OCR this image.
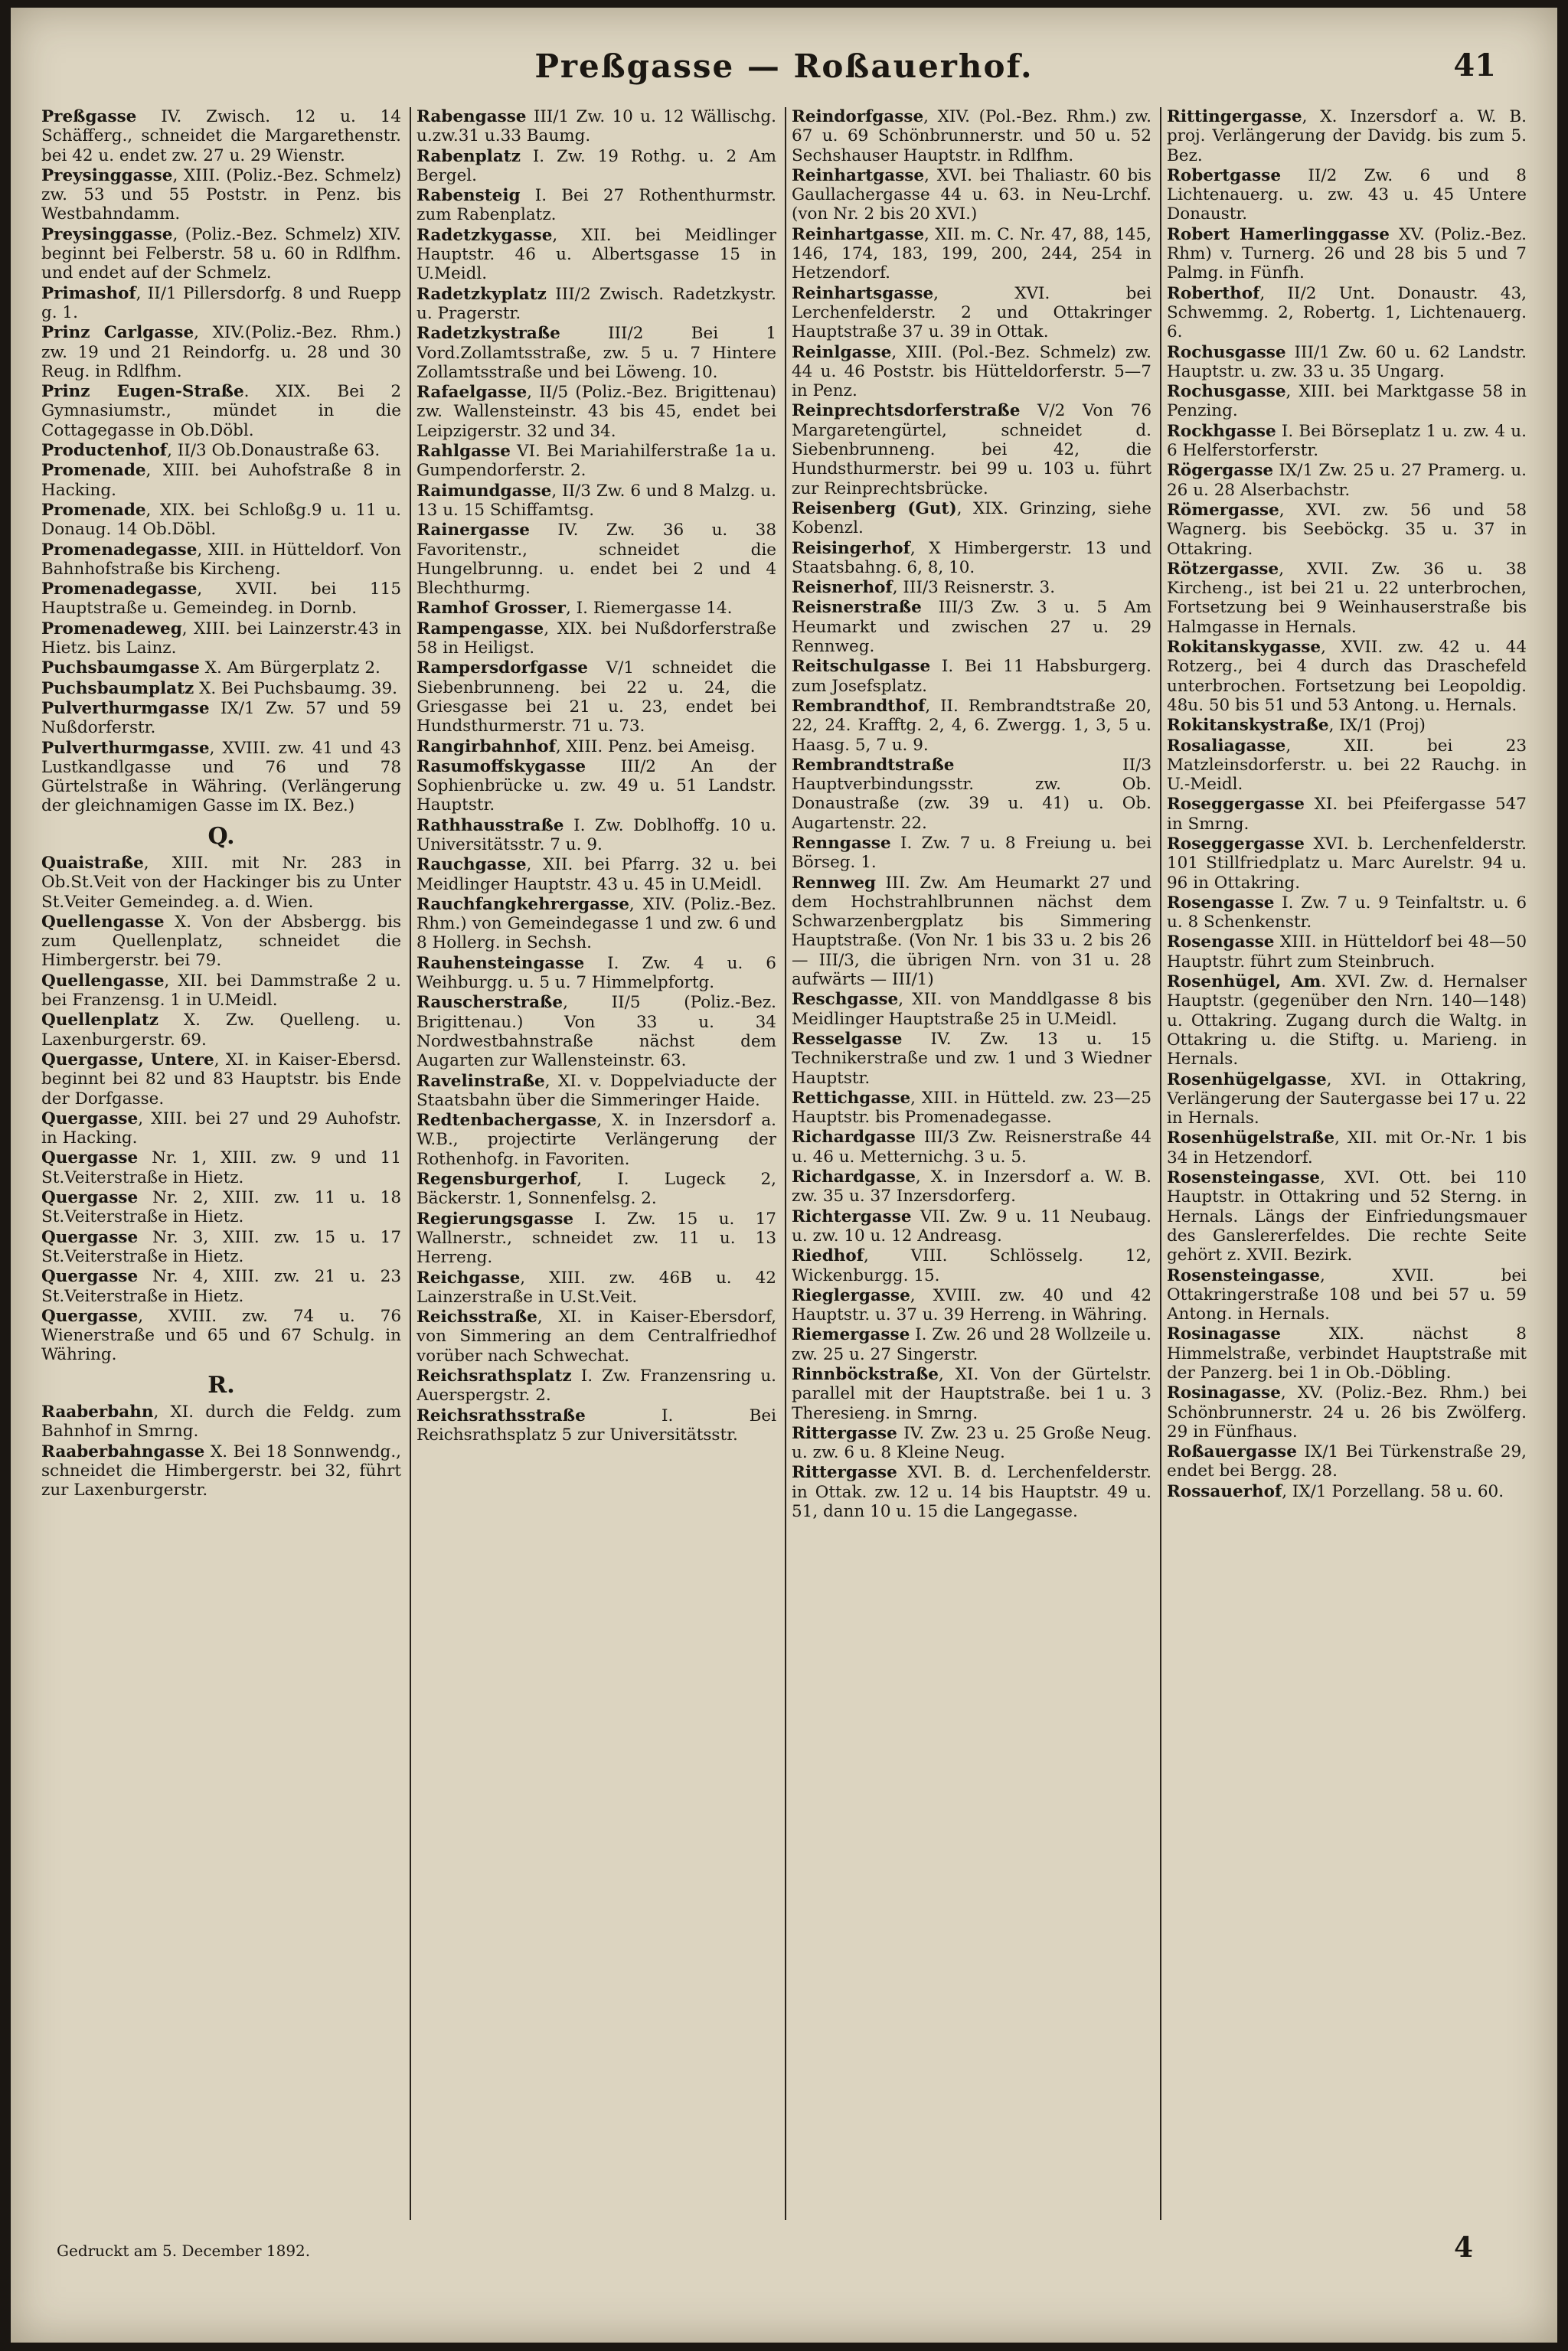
Preßgasse — Roßauerhof.	41
Preßgasse IV. Zwisch. 12 u. 14 Schäfferg., schneidet die Margarethenstr. bei 42 u. endet zw. 27 u. 29 Wienstr.
Preysinggasse, XIII. (Poliz.-Bez. Schmelz) zw. 53 und 55 Poststr. in Penz. bis Westbahndamm.
Preysinggasse, (Poliz.-Bez. Schmelz) XIV. beginnt bei Felberstr. 58 u. 60 in Rdlfhm. und endet auf der Schmelz.
Primashof, II/1 Pillersdorfg. 8 und Ruepp g. 1.
Prinz Carlgasse, XIV.(Poliz.-Bez. Rhm.) zw. 19 und 21 Reindorfg. u. 28 und 30 Reug. in Rdlfhm.
Prinz Eugen-Straße. XIX. Bei 2 Gymnasiumstr., mündet in die Cottagegasse in Ob.Döbl.
Productenhof, II/3 Ob.Donaustraße 63.
Promenade, XIII. bei Auhofstraße 8 in Hacking.
Promenade, XIX. bei Schloßg.9 u. 11 u. Donaug. 14 Ob.Döbl.
Promenadegasse, XIII. in Hütteldorf. Von Bahnhofstraße bis Kircheng.
Promenadegasse, XVII. bei 115 Hauptstraße u. Gemeindeg. in Dornb.
Promenadeweg, XIII. bei Lainzerstr.43 in Hietz. bis Lainz.
Puchsbaumgasse X. Am Bürgerplatz 2.
Puchsbaumplatz X. Bei Puchsbaumg. 39.
Pulverthurmgasse IX/1 Zw. 57 und 59 Nußdorferstr.
Pulverthurmgasse, XVIII. zw. 41 und 43 Lustkandlgasse und 76 und 78 Gürtelstraße in Währing. (Verlängerung der gleichnamigen Gasse im IX. Bez.)
Q.
Quaistraße, XIII. mit Nr. 283 in Ob.St.Veit von der Hackinger bis zu Unter St.Veiter Gemeindeg. a. d. Wien.
Quellengasse X. Von der Absbergg. bis zum Quellenplatz, schneidet die Himbergerstr. bei 79.
Quellengasse, XII. bei Dammstraße 2 u. bei Franzensg. 1 in U.Meidl.
Quellenplatz X. Zw. Quelleng. u. Laxenburgerstr. 69.
Quergasse, Untere, XI. in Kaiser-Ebersd. beginnt bei 82 und 83 Hauptstr. bis Ende der Dorfgasse.
Quergasse, XIII. bei 27 und 29 Auhofstr. in Hacking.
Quergasse Nr. 1, XIII. zw. 9 und 11 St.Veiterstraße in Hietz.
Quergasse Nr. 2, XIII. zw. 11 u. 18 St.Veiterstraße in Hietz.
Quergasse Nr. 3, XIII. zw. 15 u. 17 St.Veiterstraße in Hietz.
Quergasse Nr. 4, XIII. zw. 21 u. 23 St.Veiterstraße in Hietz.
Quergasse, XVIII. zw. 74 u. 76 Wienerstraße und 65 und 67 Schulg. in Währing.
R.
Raaberbahn, XI. durch die Feldg. zum Bahnhof in Smrng.
Raaberbahngasse X. Bei 18 Sonnwendg., schneidet die Himbergerstr. bei 32, führt zur Laxenburgerstr.
Rabengasse III/1 Zw. 10 u. 12 Wällischg. u.zw.31 u.33 Baumg.
Rabenplatz I. Zw. 19 Rothg. u. 2 Am Bergel.
Rabensteig I. Bei 27 Rothenthurmstr. zum Rabenplatz.
Radetzkygasse, XII. bei Meidlinger Hauptstr. 46 u. Albertsgasse 15 in U.Meidl.
Radetzkyplatz III/2 Zwisch. Radetzkystr. u. Pragerstr.
Radetzkystraße III/2 Bei 1 Vord.Zollamtsstraße, zw. 5 u. 7 Hintere Zollamtsstraße und bei Löweng. 10.
Rafaelgasse, II/5 (Poliz.-Bez. Brigittenau) zw. Wallensteinstr. 43 bis 45, endet bei Leipzigerstr. 32 und 34.
Rahlgasse VI. Bei Mariahilferstraße 1a u. Gumpendorferstr. 2.
Raimundgasse, II/3 Zw. 6 und 8 Malzg. u. 13 u. 15 Schiffamtsg.
Rainergasse IV. Zw. 36 u. 38 Favoritenstr., schneidet die Hungelbrunng. u. endet bei 2 und 4 Blechthurmg.
Ramhof Grosser, I. Riemergasse 14.
Rampengasse, XIX. bei Nußdorferstraße 58 in Heiligst.
Rampersdorfgasse V/1 schneidet die Siebenbrunneng. bei 22 u. 24, die Griesgasse bei 21 u. 23, endet bei Hundsthurmerstr. 71 u. 73.
Rangirbahnhof, XIII. Penz. bei Ameisg.
Rasumoffskygasse III/2 An der Sophienbrücke u. zw. 49 u. 51 Landstr. Hauptstr.
Rathhausstraße I. Zw. Doblhoffg. 10 u. Universitätsstr. 7 u. 9.
Rauchgasse, XII. bei Pfarrg. 32 u. bei Meidlinger Hauptstr. 43 u. 45 in U.Meidl.
Rauchfangkehrergasse, XIV. (Poliz.-Bez. Rhm.) von Gemeindegasse 1 und zw. 6 und 8 Hollerg. in Sechsh.
Rauhensteingasse I. Zw. 4 u. 6 Weihburgg. u. 5 u. 7 Himmelpfortg.
Rauscherstraße, II/5 (Poliz.-Bez. Brigittenau.) Von 33 u. 34 Nordwestbahnstraße nächst dem Augarten zur Wallensteinstr. 63.
Ravelinstraße, XI. v. Doppelviaducte der Staatsbahn über die Simmeringer Haide.
Redtenbachergasse, X. in Inzersdorf a. W.B., projectirte Verlängerung der Rothenhofg. in Favoriten.
Regensburgerhof, I. Lugeck 2, Bäckerstr. 1, Sonnenfelsg. 2.
Regierungsgasse I. Zw. 15 u. 17 Wallnerstr., schneidet zw. 11 u. 13 Herreng.
Reichgasse, XIII. zw. 46B u. 42 Lainzerstraße in U.St.Veit.
Reichsstraße, XI. in Kaiser-Ebersdorf, von Simmering an dem Centralfriedhof vorüber nach Schwechat.
Reichsrathsplatz I. Zw. Franzensring u. Auerspergstr. 2.
Reichsrathsstraße I. Bei Reichsrathsplatz 5 zur Universitätsstr.
Reindorfgasse, XIV. (Pol.-Bez. Rhm.) zw. 67 u. 69 Schönbrunnerstr. und 50 u. 52 Sechshauser Hauptstr. in Rdlfhm.
Reinhartgasse, XVI. bei Thaliastr. 60 bis Gaullachergasse 44 u. 63. in Neu-Lrchf. (von Nr. 2 bis 20 XVI.)
Reinhartgasse, XII. m. C. Nr. 47, 88, 145, 146, 174, 183, 199, 200, 244, 254 in Hetzendorf.
Reinhartsgasse, XVI. bei Lerchenfelderstr. 2 und Ottakringer Hauptstraße 37 u. 39 in Ottak.
Reinlgasse, XIII. (Pol.-Bez. Schmelz) zw. 44 u. 46 Poststr. bis Hütteldorferstr. 5—7 in Penz.
Reinprechtsdorferstraße V/2 Von 76 Margaretengürtel, schneidet d. Siebenbrunneng. bei 42, die Hundsthurmerstr. bei 99 u. 103 u. führt zur Reinprechtsbrücke.
Reisenberg (Gut), XIX. Grinzing, siehe Kobenzl.
Reisingerhof, X Himbergerstr. 13 und Staatsbahng. 6, 8, 10.
Reisnerhof, III/3 Reisnerstr. 3.
Reisnerstraße III/3 Zw. 3 u. 5 Am Heumarkt und zwischen 27 u. 29 Rennweg.
Reitschulgasse I. Bei 11 Habsburgerg. zum Josefsplatz.
Rembrandthof, II. Rembrandtstraße 20, 22, 24. Krafftg. 2, 4, 6. Zwergg. 1, 3, 5 u. Haasg. 5, 7 u. 9.
Rembrandtstraße II/3 Hauptverbindungsstr. zw. Ob. Donaustraße (zw. 39 u. 41) u. Ob. Augartenstr. 22.
Renngasse I. Zw. 7 u. 8 Freiung u. bei Börseg. 1.
Rennweg III. Zw. Am Heumarkt 27 und dem Hochstrahlbrunnen nächst dem Schwarzenbergplatz bis Simmering Hauptstraße. (Von Nr. 1 bis 33 u. 2 bis 26 — III/3, die übrigen Nrn. von 31 u. 28 aufwärts — III/1)
Reschgasse, XII. von Manddlgasse 8 bis Meidlinger Hauptstraße 25 in U.Meidl.
Resselgasse IV. Zw. 13 u. 15 Technikerstraße und zw. 1 und 3 Wiedner Hauptstr.
Rettichgasse, XIII. in Hütteld. zw. 23—25 Hauptstr. bis Promenadegasse.
Richardgasse III/3 Zw. Reisnerstraße 44 u. 46 u. Metternichg. 3 u. 5.
Richardgasse, X. in Inzersdorf a. W. B. zw. 35 u. 37 Inzersdorferg.
Richtergasse VII. Zw. 9 u. 11 Neubaug. u. zw. 10 u. 12 Andreasg.
Riedhof, VIII. Schlösselg. 12, Wickenburgg. 15.
Rieglergasse, XVIII. zw. 40 und 42 Hauptstr. u. 37 u. 39 Herreng. in Währing.
Riemergasse I. Zw. 26 und 28 Wollzeile u. zw. 25 u. 27 Singerstr.
Rinnböckstraße, XI. Von der Gürtelstr. parallel mit der Hauptstraße. bei 1 u. 3 Theresieng. in Smrng.
Rittergasse IV. Zw. 23 u. 25 Große Neug. u. zw. 6 u. 8 Kleine Neug.
Rittergasse XVI. B. d. Lerchenfelderstr. in Ottak. zw. 12 u. 14 bis Hauptstr. 49 u. 51, dann 10 u. 15 die Langegasse.
Rittingergasse, X. Inzersdorf a. W. B. proj. Verlängerung der Davidg. bis zum 5. Bez.
Robertgasse II/2 Zw. 6 und 8 Lichtenauerg. u. zw. 43 u. 45 Untere Donaustr.
Robert Hamerlinggasse XV. (Poliz.-Bez. Rhm) v. Turnerg. 26 und 28 bis 5 und 7 Palmg. in Fünfh.
Roberthof, II/2 Unt. Donaustr. 43, Schwemmg. 2, Robertg. 1, Lichtenauerg. 6.
Rochusgasse III/1 Zw. 60 u. 62 Landstr. Hauptstr. u. zw. 33 u. 35 Ungarg.
Rochusgasse, XIII. bei Marktgasse 58 in Penzing.
Rockhgasse I. Bei Börseplatz 1 u. zw. 4 u. 6 Helferstorferstr.
Rögergasse IX/1 Zw. 25 u. 27 Pramerg. u. 26 u. 28 Alserbachstr.
Römergasse, XVI. zw. 56 und 58 Wagnerg. bis Seeböckg. 35 u. 37 in Ottakring.
Rötzergasse, XVII. Zw. 36 u. 38 Kircheng., ist bei 21 u. 22 unterbrochen, Fortsetzung bei 9 Weinhauserstraße bis Halmgasse in Hernals.
Rokitanskygasse, XVII. zw. 42 u. 44 Rotzerg., bei 4 durch das Draschefeld unterbrochen. Fortsetzung bei Leopoldig. 48u. 50 bis 51 und 53 Antong. u. Hernals.
Rokitanskystraße, IX/1 (Proj)
Rosaliagasse, XII. bei 23 Matzleinsdorferstr. u. bei 22 Rauchg. in U.-Meidl.
Roseggergasse XI. bei Pfeifergasse 547 in Smrng.
Roseggergasse XVI. b. Lerchenfelderstr. 101 Stillfriedplatz u. Marc Aurelstr. 94 u. 96 in Ottakring.
Rosengasse I. Zw. 7 u. 9 Teinfaltstr. u. 6 u. 8 Schenkenstr.
Rosengasse XIII. in Hütteldorf bei 48—50 Hauptstr. führt zum Steinbruch.
Rosenhügel, Am. XVI. Zw. d. Hernalser Hauptstr. (gegenüber den Nrn. 140—148) u. Ottakring. Zugang durch die Waltg. in Ottakring u. die Stiftg. u. Marieng. in Hernals.
Rosenhügelgasse, XVI. in Ottakring, Verlängerung der Sautergasse bei 17 u. 22 in Hernals.
Rosenhügelstraße, XII. mit Or.-Nr. 1 bis 34 in Hetzendorf.
Rosensteingasse, XVI. Ott. bei 110 Hauptstr. in Ottakring und 52 Sterng. in Hernals. Längs der Einfriedungsmauer des Ganslererfeldes. Die rechte Seite gehört z. XVII. Bezirk.
Rosensteingasse, XVII. bei Ottakringerstraße 108 und bei 57 u. 59 Antong. in Hernals.
Rosinagasse XIX. nächst 8 Himmelstraße, verbindet Hauptstraße mit der Panzerg. bei 1 in Ob.-Döbling.
Rosinagasse, XV. (Poliz.-Bez. Rhm.) bei Schönbrunnerstr. 24 u. 26 bis Zwölferg. 29 in Fünfhaus.
Roßauergasse IX/1 Bei Türkenstraße 29, endet bei Bergg. 28.
Rossauerhof, IX/1 Porzellang. 58 u. 60.
Gedruckt am 5. December 1892.	4
